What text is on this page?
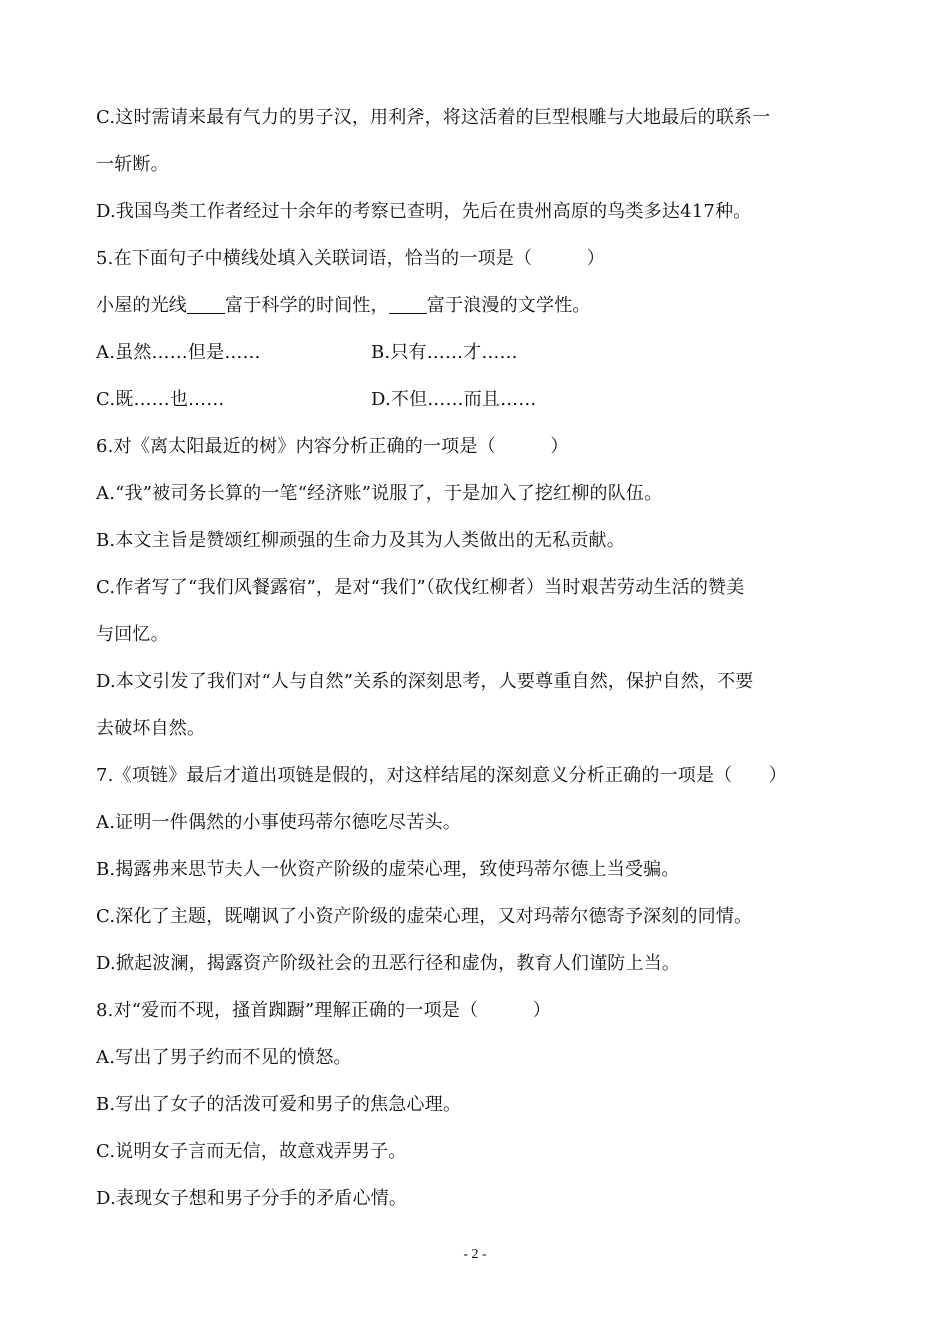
C.这时需请来最有气力的男子汉，用利斧，将这活着的巨型根雕与大地最后的联系一
一斩断。
D.我国鸟类工作者经过十余年的考察已查明，先后在贵州高原的鸟类多达417种。
5.在下面句子中横线处填入关联词语，恰当的一项是（　　　）
小屋的光线 富于科学的时间性， 富于浪漫的文学性。
A.虽然……但是……	B.只有……才……
C.既……也……	D.不但……而且……
6.对《离太阳最近的树》内容分析正确的一项是（　　　）
A.“我”被司务长算的一笔“经济账”说服了，于是加入了挖红柳的队伍。
B.本文主旨是赞颂红柳顽强的生命力及其为人类做出的无私贡献。
C.作者写了“我们风餐露宿”，是对“我们”（砍伐红柳者）当时艰苦劳动生活的赞美
与回忆。
D.本文引发了我们对“人与自然”关系的深刻思考，人要尊重自然，保护自然，不要
去破坏自然。
7.《项链》最后才道出项链是假的，对这样结尾的深刻意义分析正确的一项是（　　）
A.证明一件偶然的小事使玛蒂尔德吃尽苦头。
B.揭露弗来思节夫人一伙资产阶级的虚荣心理，致使玛蒂尔德上当受骗。
C.深化了主题，既嘲讽了小资产阶级的虚荣心理，又对玛蒂尔德寄予深刻的同情。
D.掀起波澜，揭露资产阶级社会的丑恶行径和虚伪，教育人们谨防上当。
8.对“爱而不现，搔首踟蹰”理解正确的一项是（　　　）
A.写出了男子约而不见的愤怒。
B.写出了女子的活泼可爱和男子的焦急心理。
C.说明女子言而无信，故意戏弄男子。
D.表现女子想和男子分手的矛盾心情。
- 2 -
